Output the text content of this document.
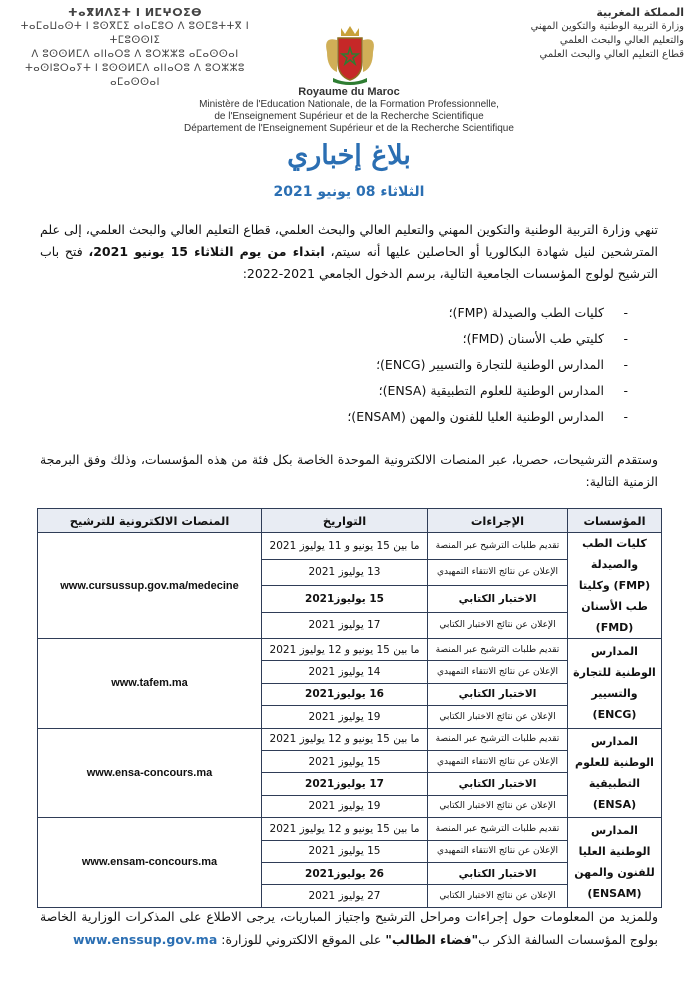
المملكة المغربية
وزارة التربية الوطنية والتكوين المهني
والتعليم العالي والبحث العلمي
قطاع التعليم العالي والبحث العلمي
ⵜⴰⴳⵍⴷⵉⵜ ⵏ ⵍⵎⵖⵔⵉⴱ
ⵜⴰⵎⴰⵡⴰⵙⵜ ⵏ ⵓⵙⴳⵎⵉ ⴰⵏⴰⵎⵓⵔ ⴷ ⵓⵙⵎⵓⵜⵜⴳ ⵏ ⵜⵎⵓⵙⵙⵏⵉ
ⴷ ⵓⵙⵙⵍⵎⴷ ⴰⵏⵏⴰⵔⵓ ⴷ ⵓⵔⵣⵣⵓ ⴰⵎⴰⵙⵙⴰⵏ
ⵜⴰⵙⵏⵓⵔⴰⵢⵜ ⵏ ⵓⵙⵙⵍⵎⴷ ⴰⵏⵏⴰⵔⵓ ⴷ ⵓⵔⵣⵣⵓ ⴰⵎⴰⵙⵙⴰⵏ
Royaume du Maroc
Ministère de l'Education Nationale, de la Formation Professionnelle,
de l'Enseignement Supérieur et de la Recherche Scientifique
Département de l'Enseignement Supérieur et de la Recherche Scientifique
بلاغ إخباري
الثلاثاء 08 يونيو 2021

تنهي وزارة التربية الوطنية والتكوين المهني والتعليم العالي والبحث العلمي، قطاع التعليم العالي والبحث العلمي، إلى علم المترشحين لنيل شهادة البكالوريا أو الحاصلين عليها أنه سيتم، ابتداء من يوم الثلاثاء 15 يونيو 2021، فتح باب الترشيح لولوج المؤسسات الجامعية التالية، برسم الدخول الجامعي 2021-2022:

- كليات الطب والصيدلة (FMP)؛
- كليتي طب الأسنان (FMD)؛
- المدارس الوطنية للتجارة والتسيير (ENCG)؛
- المدارس الوطنية للعلوم التطبيقية (ENSA)؛
- المدارس الوطنية العليا للفنون والمهن (ENSAM)؛

وستقدم الترشيحات، حصريا، عبر المنصات الالكترونية الموحدة الخاصة بكل فئة من هذه المؤسسات، وذلك وفق البرمجة الزمنية التالية:

المؤسسات	الإجراءات	التواريخ	المنصات الالكترونية للترشيح
كليات الطب والصيدلة (FMP) وكليتا طب الأسنان (FMD)	تقديم طلبات الترشيح عبر المنصة	ما بين 15 يونيو و 11 يوليوز 2021	www.cursussup.gov.ma/medecine
	الإعلان عن نتائج الانتقاء التمهيدي	13 يوليوز 2021	
	الاختبار الكتابي	15 يوليوز2021	
	الإعلان عن نتائج الاختبار الكتابي	17 يوليوز 2021	
المدارس الوطنية للتجارة والتسيير (ENCG)	تقديم طلبات الترشيح عبر المنصة	ما بين 15 يونيو و 12 يوليوز 2021	www.tafem.ma
	الإعلان عن نتائج الانتقاء التمهيدي	14 يوليوز 2021	
	الاختبار الكتابي	16 يوليوز2021	
	الإعلان عن نتائج الاختبار الكتابي	19 يوليوز 2021	
المدارس الوطنية للعلوم التطبيقية (ENSA)	تقديم طلبات الترشيح عبر المنصة	ما بين 15 يونيو و 12 يوليوز 2021	www.ensa-concours.ma
	الإعلان عن نتائج الانتقاء التمهيدي	15 يوليوز 2021	
	الاختبار الكتابي	17 يوليوز2021	
	الإعلان عن نتائج الاختبار الكتابي	19 يوليوز 2021	
المدارس الوطنية العليا للفنون والمهن (ENSAM)	تقديم طلبات الترشيح عبر المنصة	ما بين 15 يونيو و 12 يوليوز 2021	www.ensam-concours.ma
	الإعلان عن نتائج الانتقاء التمهيدي	15 يوليوز 2021	
	الاختبار الكتابي	26 يوليوز2021	
	الإعلان عن نتائج الاختبار الكتابي	27 يوليوز 2021	

وللمزيد من المعلومات حول إجراءات ومراحل الترشيح واجتياز المباريات، يرجى الاطلاع على المذكرات الوزارية الخاصة بولوج المؤسسات السالفة الذكر ب"فضاء الطالب" على الموقع الالكتروني للوزارة: www.enssup.gov.ma
